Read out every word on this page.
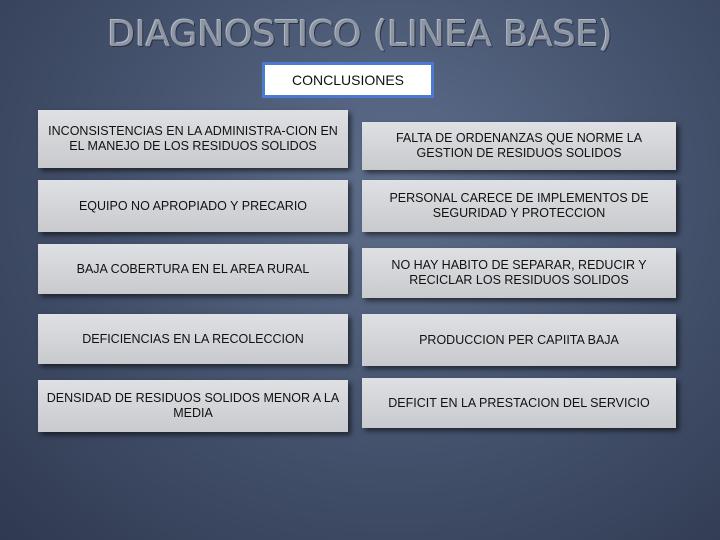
DIAGNOSTICO (LINEA BASE)
CONCLUSIONES
INCONSISTENCIAS EN LA ADMINISTRA-CION EN EL MANEJO DE LOS RESIDUOS SOLIDOS
EQUIPO NO APROPIADO Y PRECARIO
BAJA COBERTURA EN EL AREA RURAL
DEFICIENCIAS EN LA RECOLECCION
DENSIDAD DE RESIDUOS SOLIDOS MENOR A LA MEDIA
FALTA DE ORDENANZAS QUE NORME LA GESTION DE RESIDUOS SOLIDOS
PERSONAL CARECE DE IMPLEMENTOS DE SEGURIDAD Y PROTECCION
NO HAY HABITO DE SEPARAR, REDUCIR Y RECICLAR LOS RESIDUOS SOLIDOS
PRODUCCION PER CAPIITA BAJA
DEFICIT EN LA PRESTACION DEL SERVICIO
